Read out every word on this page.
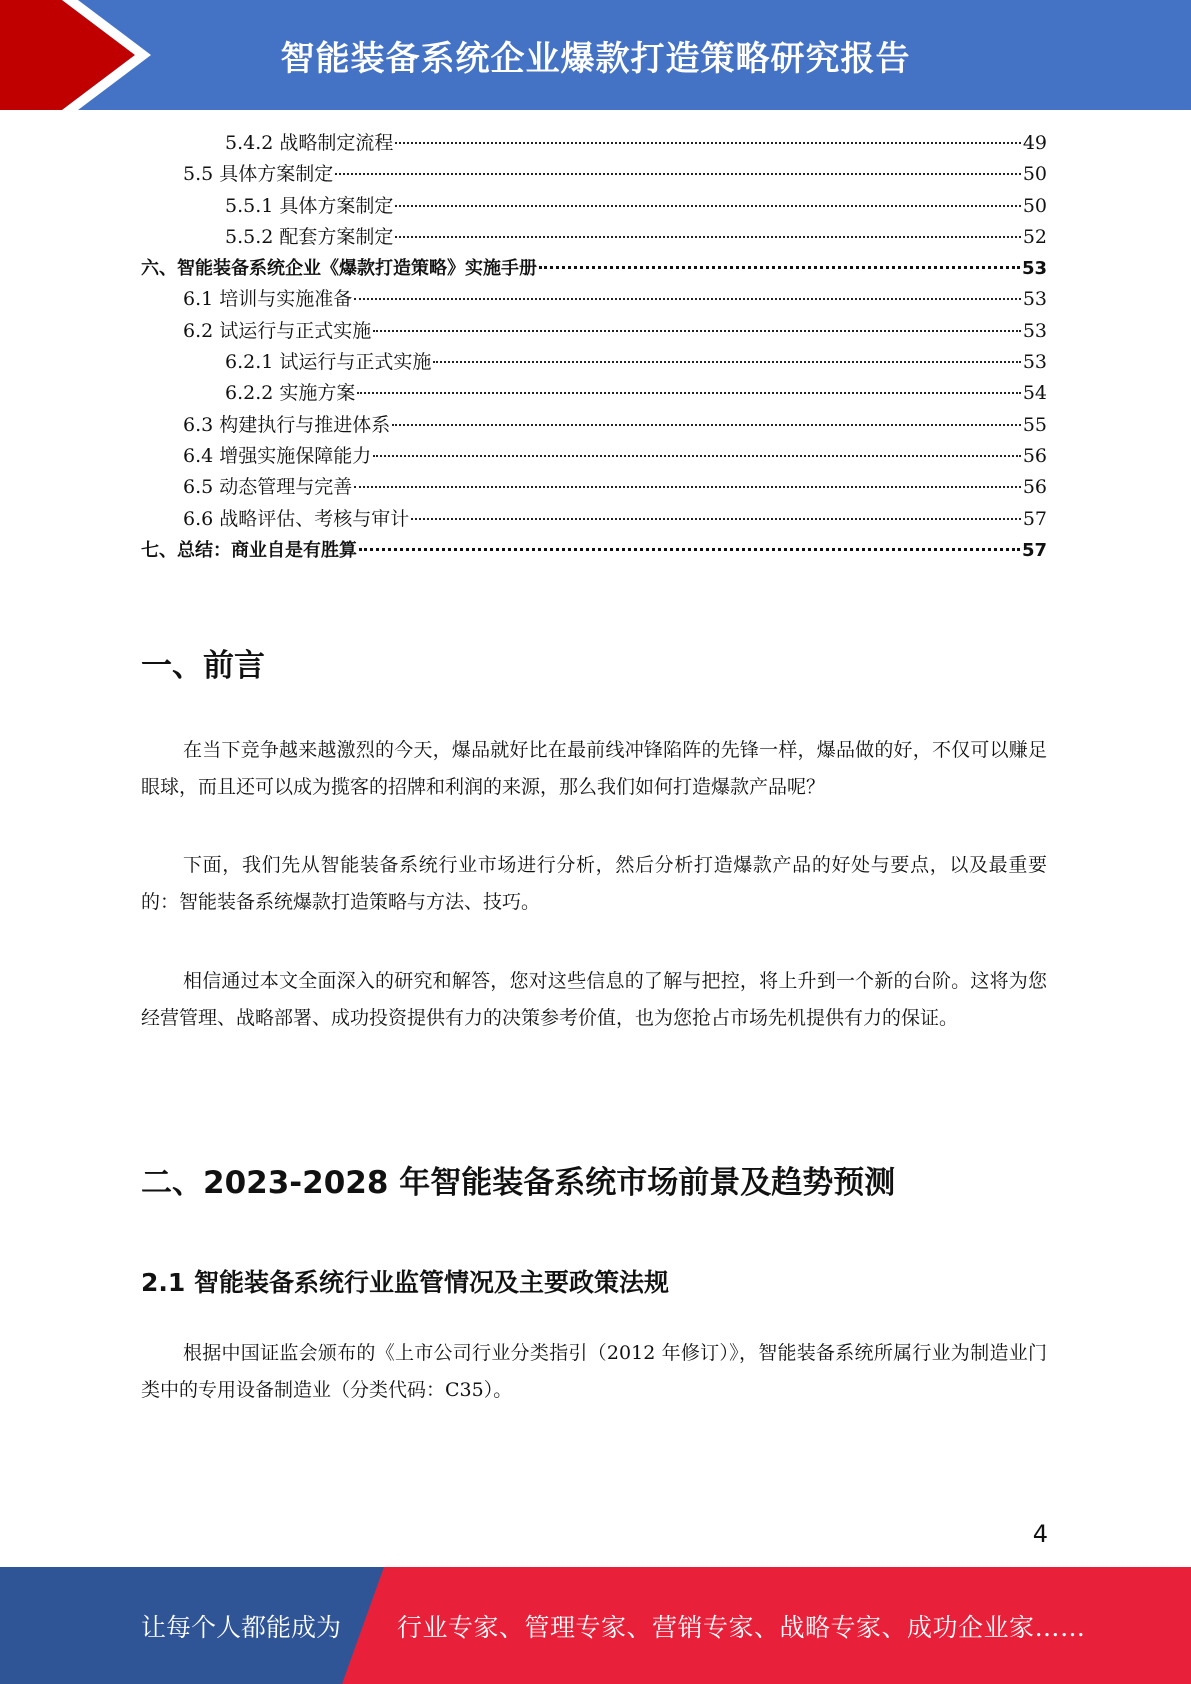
智能装备系统企业爆款打造策略研究报告
5.4.2 战略制定流程	49
5.5 具体方案制定	50
5.5.1 具体方案制定	50
5.5.2 配套方案制定	52
六、智能装备系统企业《爆款打造策略》实施手册	53
6.1 培训与实施准备	53
6.2 试运行与正式实施	53
6.2.1 试运行与正式实施	53
6.2.2 实施方案	54
6.3 构建执行与推进体系	55
6.4 增强实施保障能力	56
6.5 动态管理与完善	56
6.6 战略评估、考核与审计	57
七、总结：商业自是有胜算	57
一、前言

在当下竞争越来越激烈的今天，爆品就好比在最前线冲锋陷阵的先锋一样，爆品做的好，不仅可以赚足眼球，而且还可以成为揽客的招牌和利润的来源，那么我们如何打造爆款产品呢？

下面，我们先从智能装备系统行业市场进行分析，然后分析打造爆款产品的好处与要点，以及最重要的：智能装备系统爆款打造策略与方法、技巧。

相信通过本文全面深入的研究和解答，您对这些信息的了解与把控，将上升到一个新的台阶。这将为您经营管理、战略部署、成功投资提供有力的决策参考价值，也为您抢占市场先机提供有力的保证。

二、2023-2028 年智能装备系统市场前景及趋势预测
2.1 智能装备系统行业监管情况及主要政策法规

根据中国证监会颁布的《上市公司行业分类指引（2012 年修订）》，智能装备系统所属行业为制造业门类中的专用设备制造业（分类代码：C35）。

4
让每个人都能成为 行业专家、管理专家、营销专家、战略专家、成功企业家……
